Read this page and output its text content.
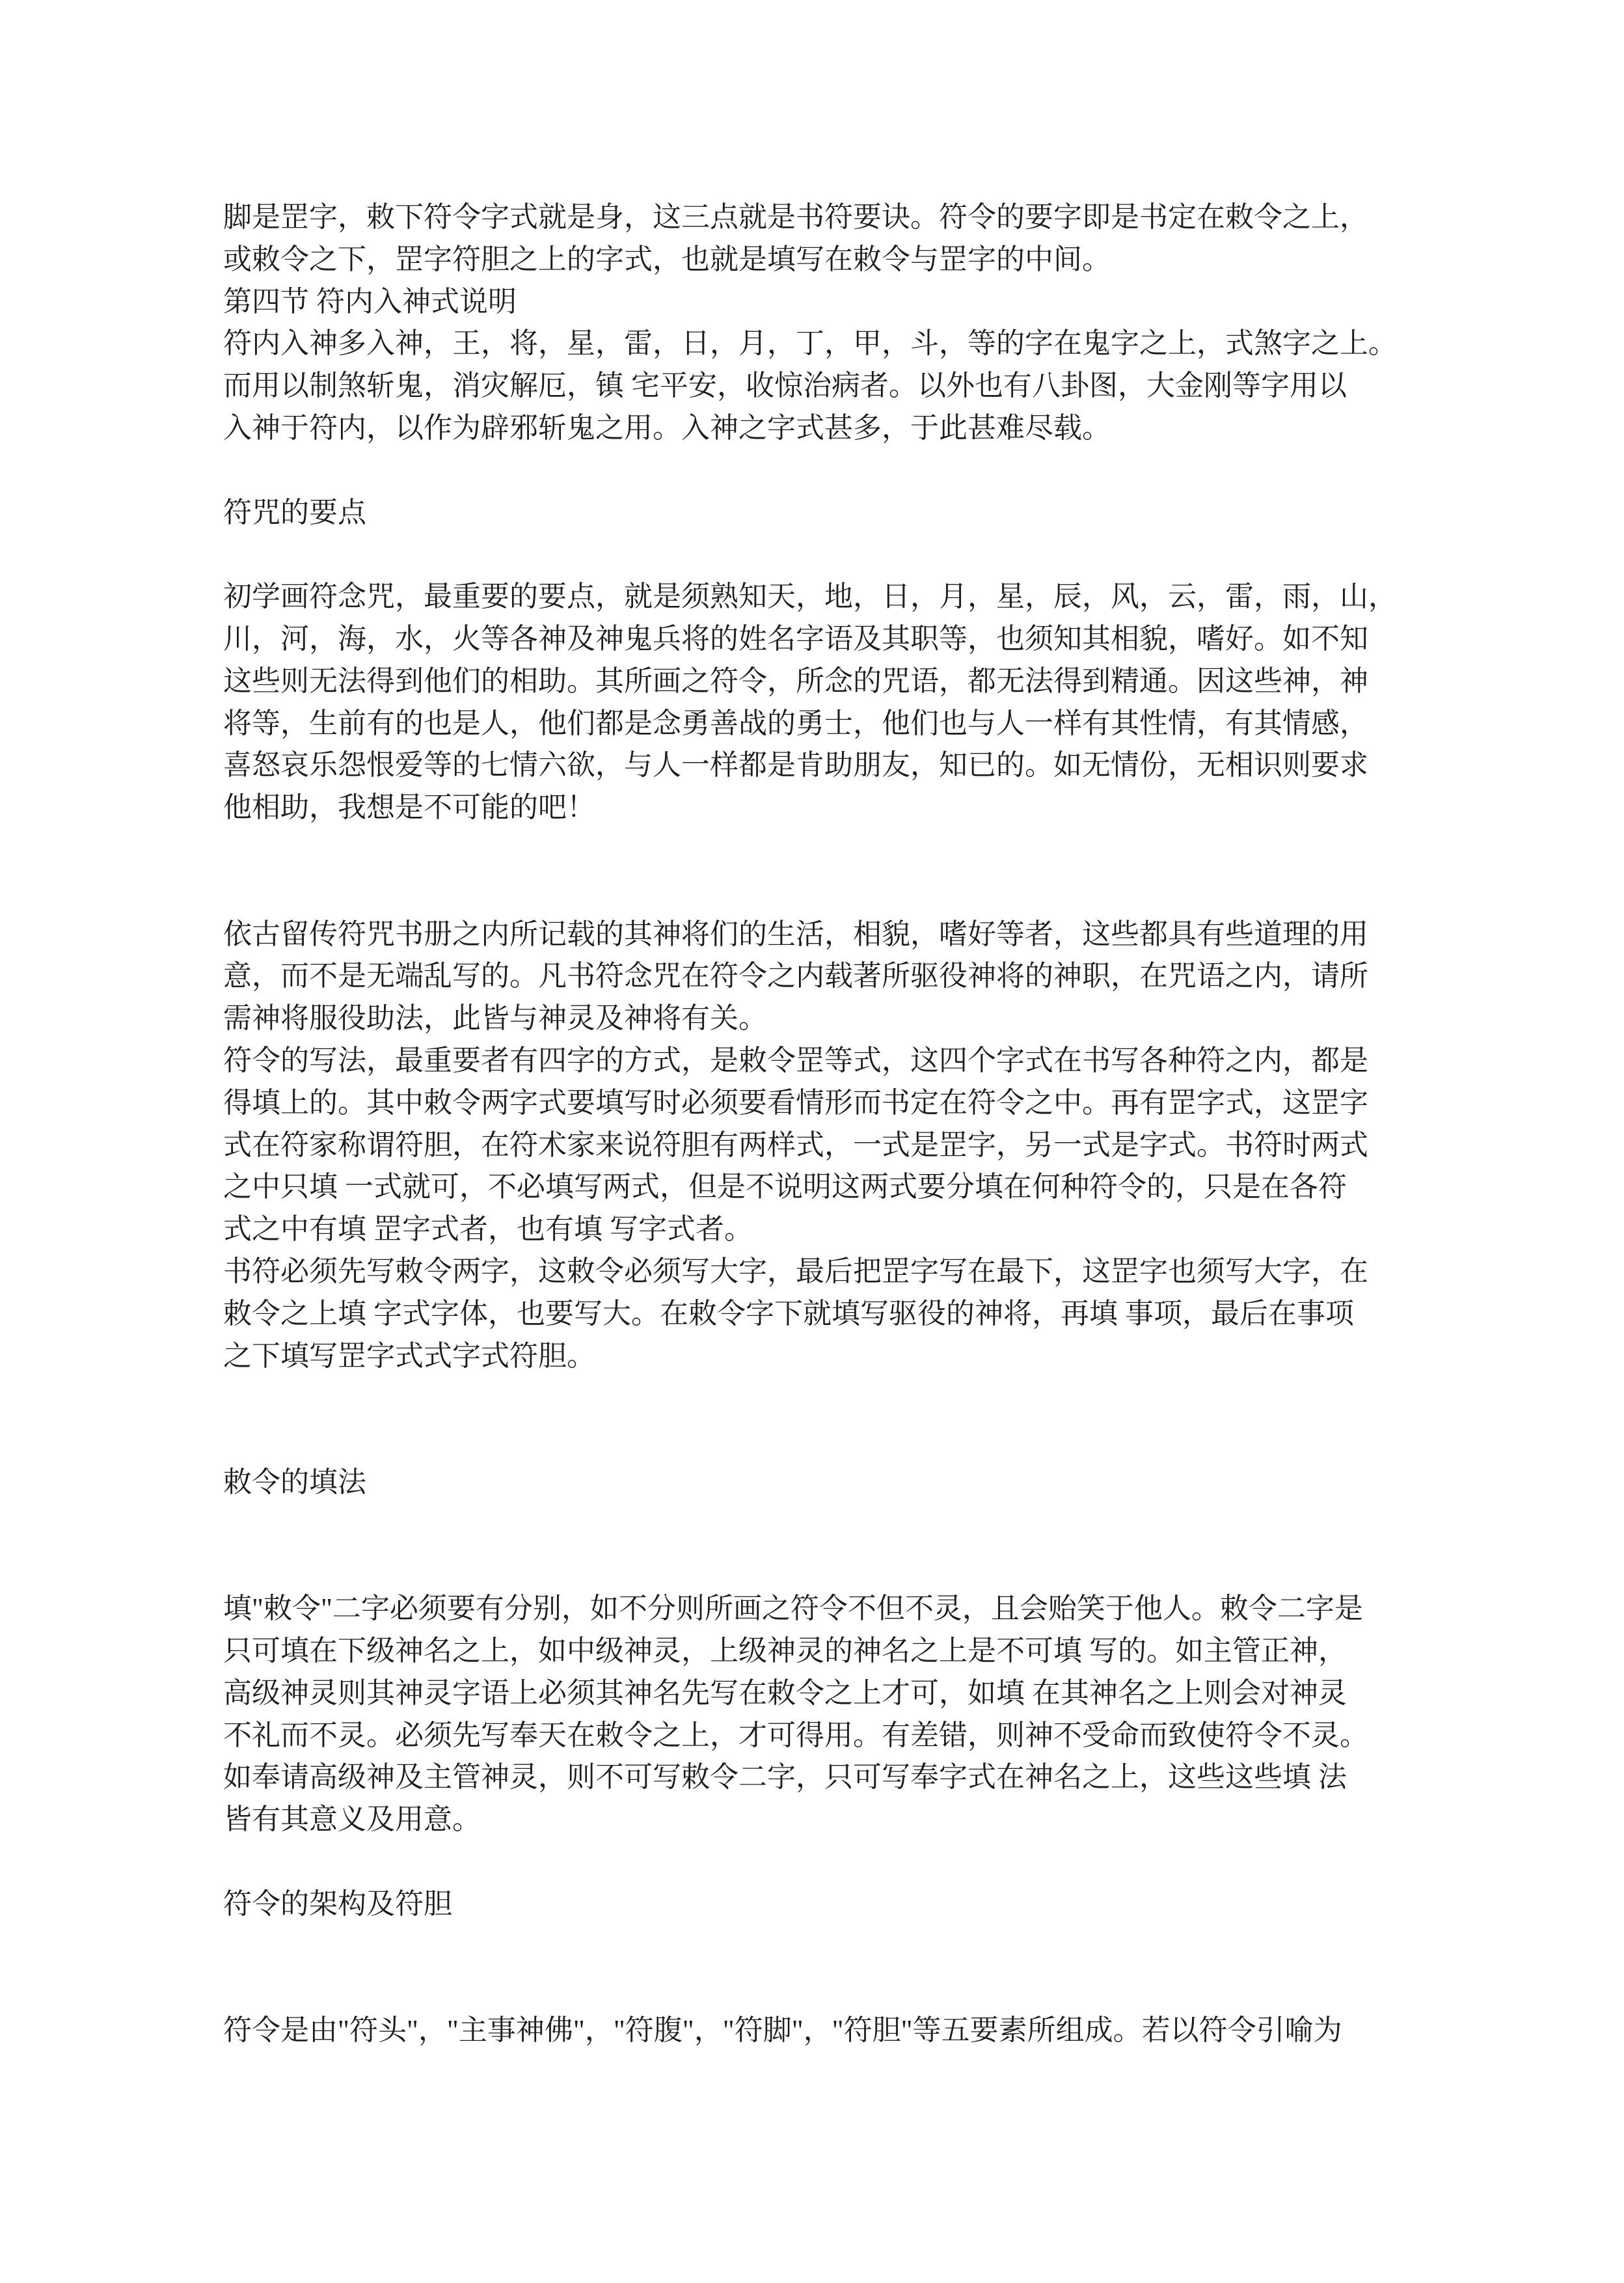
脚是罡字，敕下符令字式就是身，这三点就是书符要诀。符令的要字即是书定在敕令之上，
或敕令之下，罡字符胆之上的字式，也就是填写在敕令与罡字的中间。
第四节 符内入神式说明
符内入神多入神，王，将，星，雷，日，月，丁，甲，斗，等的字在鬼字之上，式煞字之上。
而用以制煞斩鬼，消灾解厄，镇 宅平安，收惊治病者。以外也有八卦图，大金刚等字用以
入神于符内，以作为辟邪斩鬼之用。入神之字式甚多，于此甚难尽载。

符咒的要点

初学画符念咒，最重要的要点，就是须熟知天，地，日，月，星，辰，风，云，雷，雨，山，
川，河，海，水，火等各神及神鬼兵将的姓名字语及其职等，也须知其相貌，嗜好。如不知
这些则无法得到他们的相助。其所画之符令，所念的咒语，都无法得到精通。因这些神，神
将等，生前有的也是人，他们都是念勇善战的勇士，他们也与人一样有其性情，有其情感，
喜怒哀乐怨恨爱等的七情六欲，与人一样都是肯助朋友，知已的。如无情份，无相识则要求
他相助，我想是不可能的吧！

依古留传符咒书册之内所记载的其神将们的生活，相貌，嗜好等者，这些都具有些道理的用
意，而不是无端乱写的。凡书符念咒在符令之内载著所驱役神将的神职，在咒语之内，请所
需神将服役助法，此皆与神灵及神将有关。
符令的写法，最重要者有四字的方式，是敕令罡等式，这四个字式在书写各种符之内，都是
得填上的。其中敕令两字式要填写时必须要看情形而书定在符令之中。再有罡字式，这罡字
式在符家称谓符胆，在符术家来说符胆有两样式，一式是罡字，另一式是字式。书符时两式
之中只填 一式就可，不必填写两式，但是不说明这两式要分填在何种符令的，只是在各符
式之中有填 罡字式者，也有填 写字式者。
书符必须先写敕令两字，这敕令必须写大字，最后把罡字写在最下，这罡字也须写大字，在
敕令之上填 字式字体，也要写大。在敕令字下就填写驱役的神将，再填 事项，最后在事项
之下填写罡字式式字式符胆。

敕令的填法

填"敕令"二字必须要有分别，如不分则所画之符令不但不灵，且会贻笑于他人。敕令二字是
只可填在下级神名之上，如中级神灵，上级神灵的神名之上是不可填 写的。如主管正神，
高级神灵则其神灵字语上必须其神名先写在敕令之上才可，如填 在其神名之上则会对神灵
不礼而不灵。必须先写奉天在敕令之上，才可得用。有差错，则神不受命而致使符令不灵。
如奉请高级神及主管神灵，则不可写敕令二字，只可写奉字式在神名之上，这些这些填 法
皆有其意义及用意。

符令的架构及符胆

符令是由"符头"，"主事神佛"，"符腹"，"符脚"，"符胆"等五要素所组成。若以符令引喻为
